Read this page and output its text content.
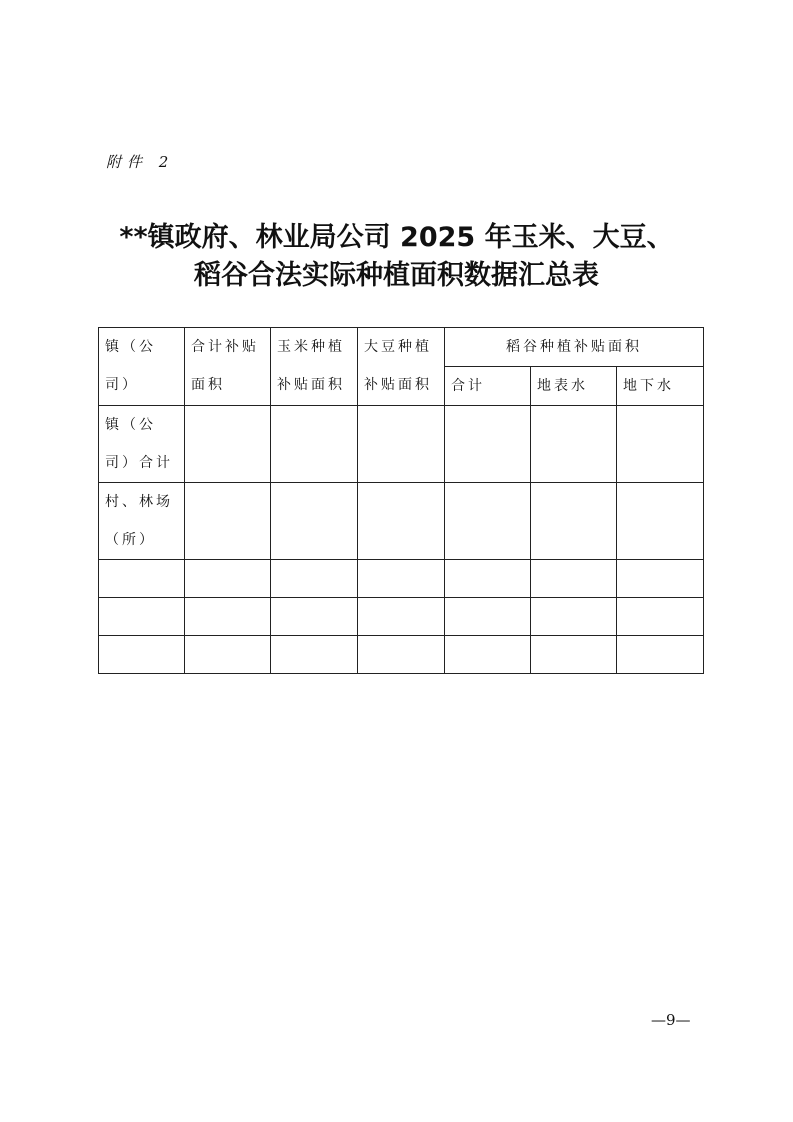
附件 2
**镇政府、林业局公司 2025 年玉米、大豆、
稻谷合法实际种植面积数据汇总表
镇（公司）	合计补贴面积	玉米种植补贴面积	大豆种植补贴面积	稻谷种植补贴面积		
				合计	地表水	地下水
镇（公司）合计						
村、林场（所）						

—9—
